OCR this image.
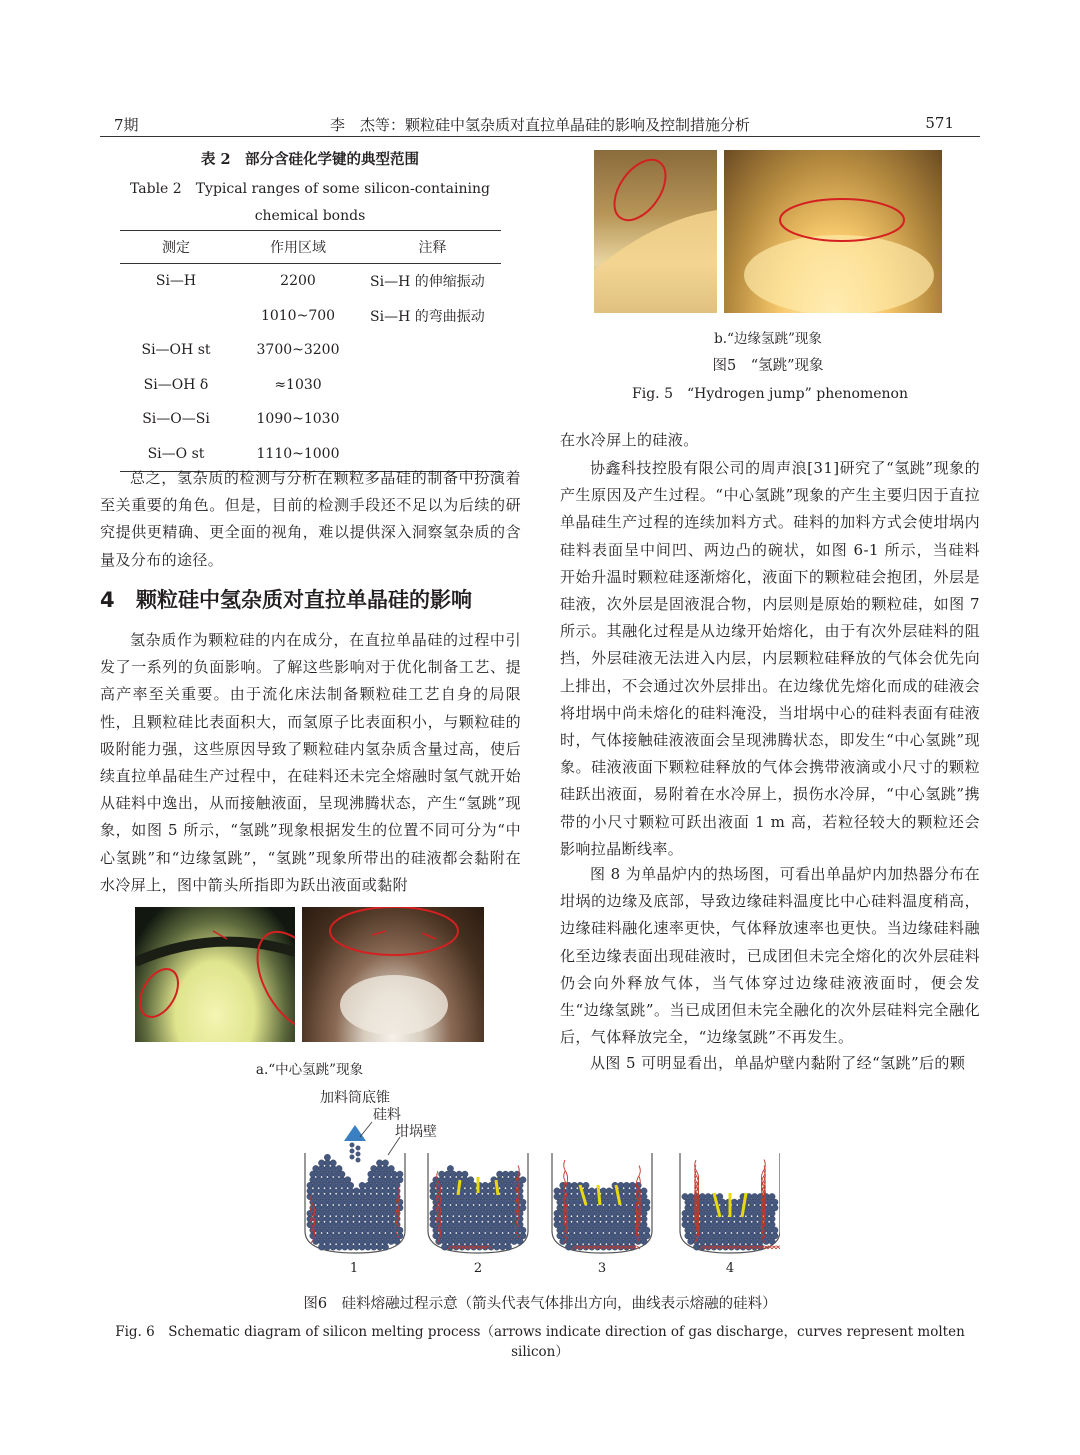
7期	李　杰等：颗粒硅中氢杂质对直拉单晶硅的影响及控制措施分析	571
表 2　部分含硅化学键的典型范围
Table 2　Typical ranges of some silicon-containing chemical bonds
测定	作用区域	注释
Si—H	2200	Si—H 的伸缩振动
	1010~700	Si—H 的弯曲振动
Si—OH st	3700~3200	
Si—OH δ	≈1030	
Si—O—Si	1090~1030	
Si—O st	1110~1000	
总之，氢杂质的检测与分析在颗粒多晶硅的制备中扮演着至关重要的角色。但是，目前的检测手段还不足以为后续的研究提供更精确、更全面的视角，难以提供深入洞察氢杂质的含量及分布的途径。
4 颗粒硅中氢杂质对直拉单晶硅的影响
氢杂质作为颗粒硅的内在成分，在直拉单晶硅的过程中引发了一系列的负面影响。了解这些影响对于优化制备工艺、提高产率至关重要。由于流化床法制备颗粒硅工艺自身的局限性，且颗粒硅比表面积大，而氢原子比表面积小，与颗粒硅的吸附能力强，这些原因导致了颗粒硅内氢杂质含量过高，使后续直拉单晶硅生产过程中，在硅料还未完全熔融时氢气就开始从硅料中逸出，从而接触液面，呈现沸腾状态，产生“氢跳”现象，如图 5 所示，“氢跳”现象根据发生的位置不同可分为“中心氢跳”和“边缘氢跳”，“氢跳”现象所带出的硅液都会黏附在水冷屏上，图中箭头所指即为跃出液面或黏附
a.“中心氢跳”现象
b.“边缘氢跳”现象
图5　“氢跳”现象
Fig. 5　“Hydrogen jump” phenomenon
在水冷屏上的硅液。
协鑫科技控股有限公司的周声浪[31]研究了“氢跳”现象的产生原因及产生过程。“中心氢跳”现象的产生主要归因于直拉单晶硅生产过程的连续加料方式。硅料的加料方式会使坩埚内硅料表面呈中间凹、两边凸的碗状，如图 6-1 所示，当硅料开始升温时颗粒硅逐渐熔化，液面下的颗粒硅会抱团，外层是硅液，次外层是固液混合物，内层则是原始的颗粒硅，如图 7 所示。其融化过程是从边缘开始熔化，由于有次外层硅料的阻挡，外层硅液无法进入内层，内层颗粒硅释放的气体会优先向上排出，不会通过次外层排出。在边缘优先熔化而成的硅液会将坩埚中尚未熔化的硅料淹没，当坩埚中心的硅料表面有硅液时，气体接触硅液液面会呈现沸腾状态，即发生“中心氢跳”现象。硅液液面下颗粒硅释放的气体会携带液滴或小尺寸的颗粒硅跃出液面，易附着在水冷屏上，损伤水冷屏，“中心氢跳”携带的小尺寸颗粒可跃出液面 1 m 高，若粒径较大的颗粒还会影响拉晶断线率。
图 8 为单晶炉内的热场图，可看出单晶炉内加热器分布在坩埚的边缘及底部，导致边缘硅料温度比中心硅料温度稍高，边缘硅料融化速率更快，气体释放速率也更快。当边缘硅料融化至边缘表面出现硅液时，已成团但未完全熔化的次外层硅料仍会向外释放气体，当气体穿过边缘硅液液面时，便会发生“边缘氢跳”。当已成团但未完全融化的次外层硅料完全融化后，气体释放完全，“边缘氢跳”不再发生。
从图 5 可明显看出，单晶炉壁内黏附了经“氢跳”后的颗
加料筒底锥
硅料
坩埚壁
1	2	3	4
图6　硅料熔融过程示意（箭头代表气体排出方向，曲线表示熔融的硅料）
Fig. 6　Schematic diagram of silicon melting process（arrows indicate direction of gas discharge，curves represent molten silicon）
